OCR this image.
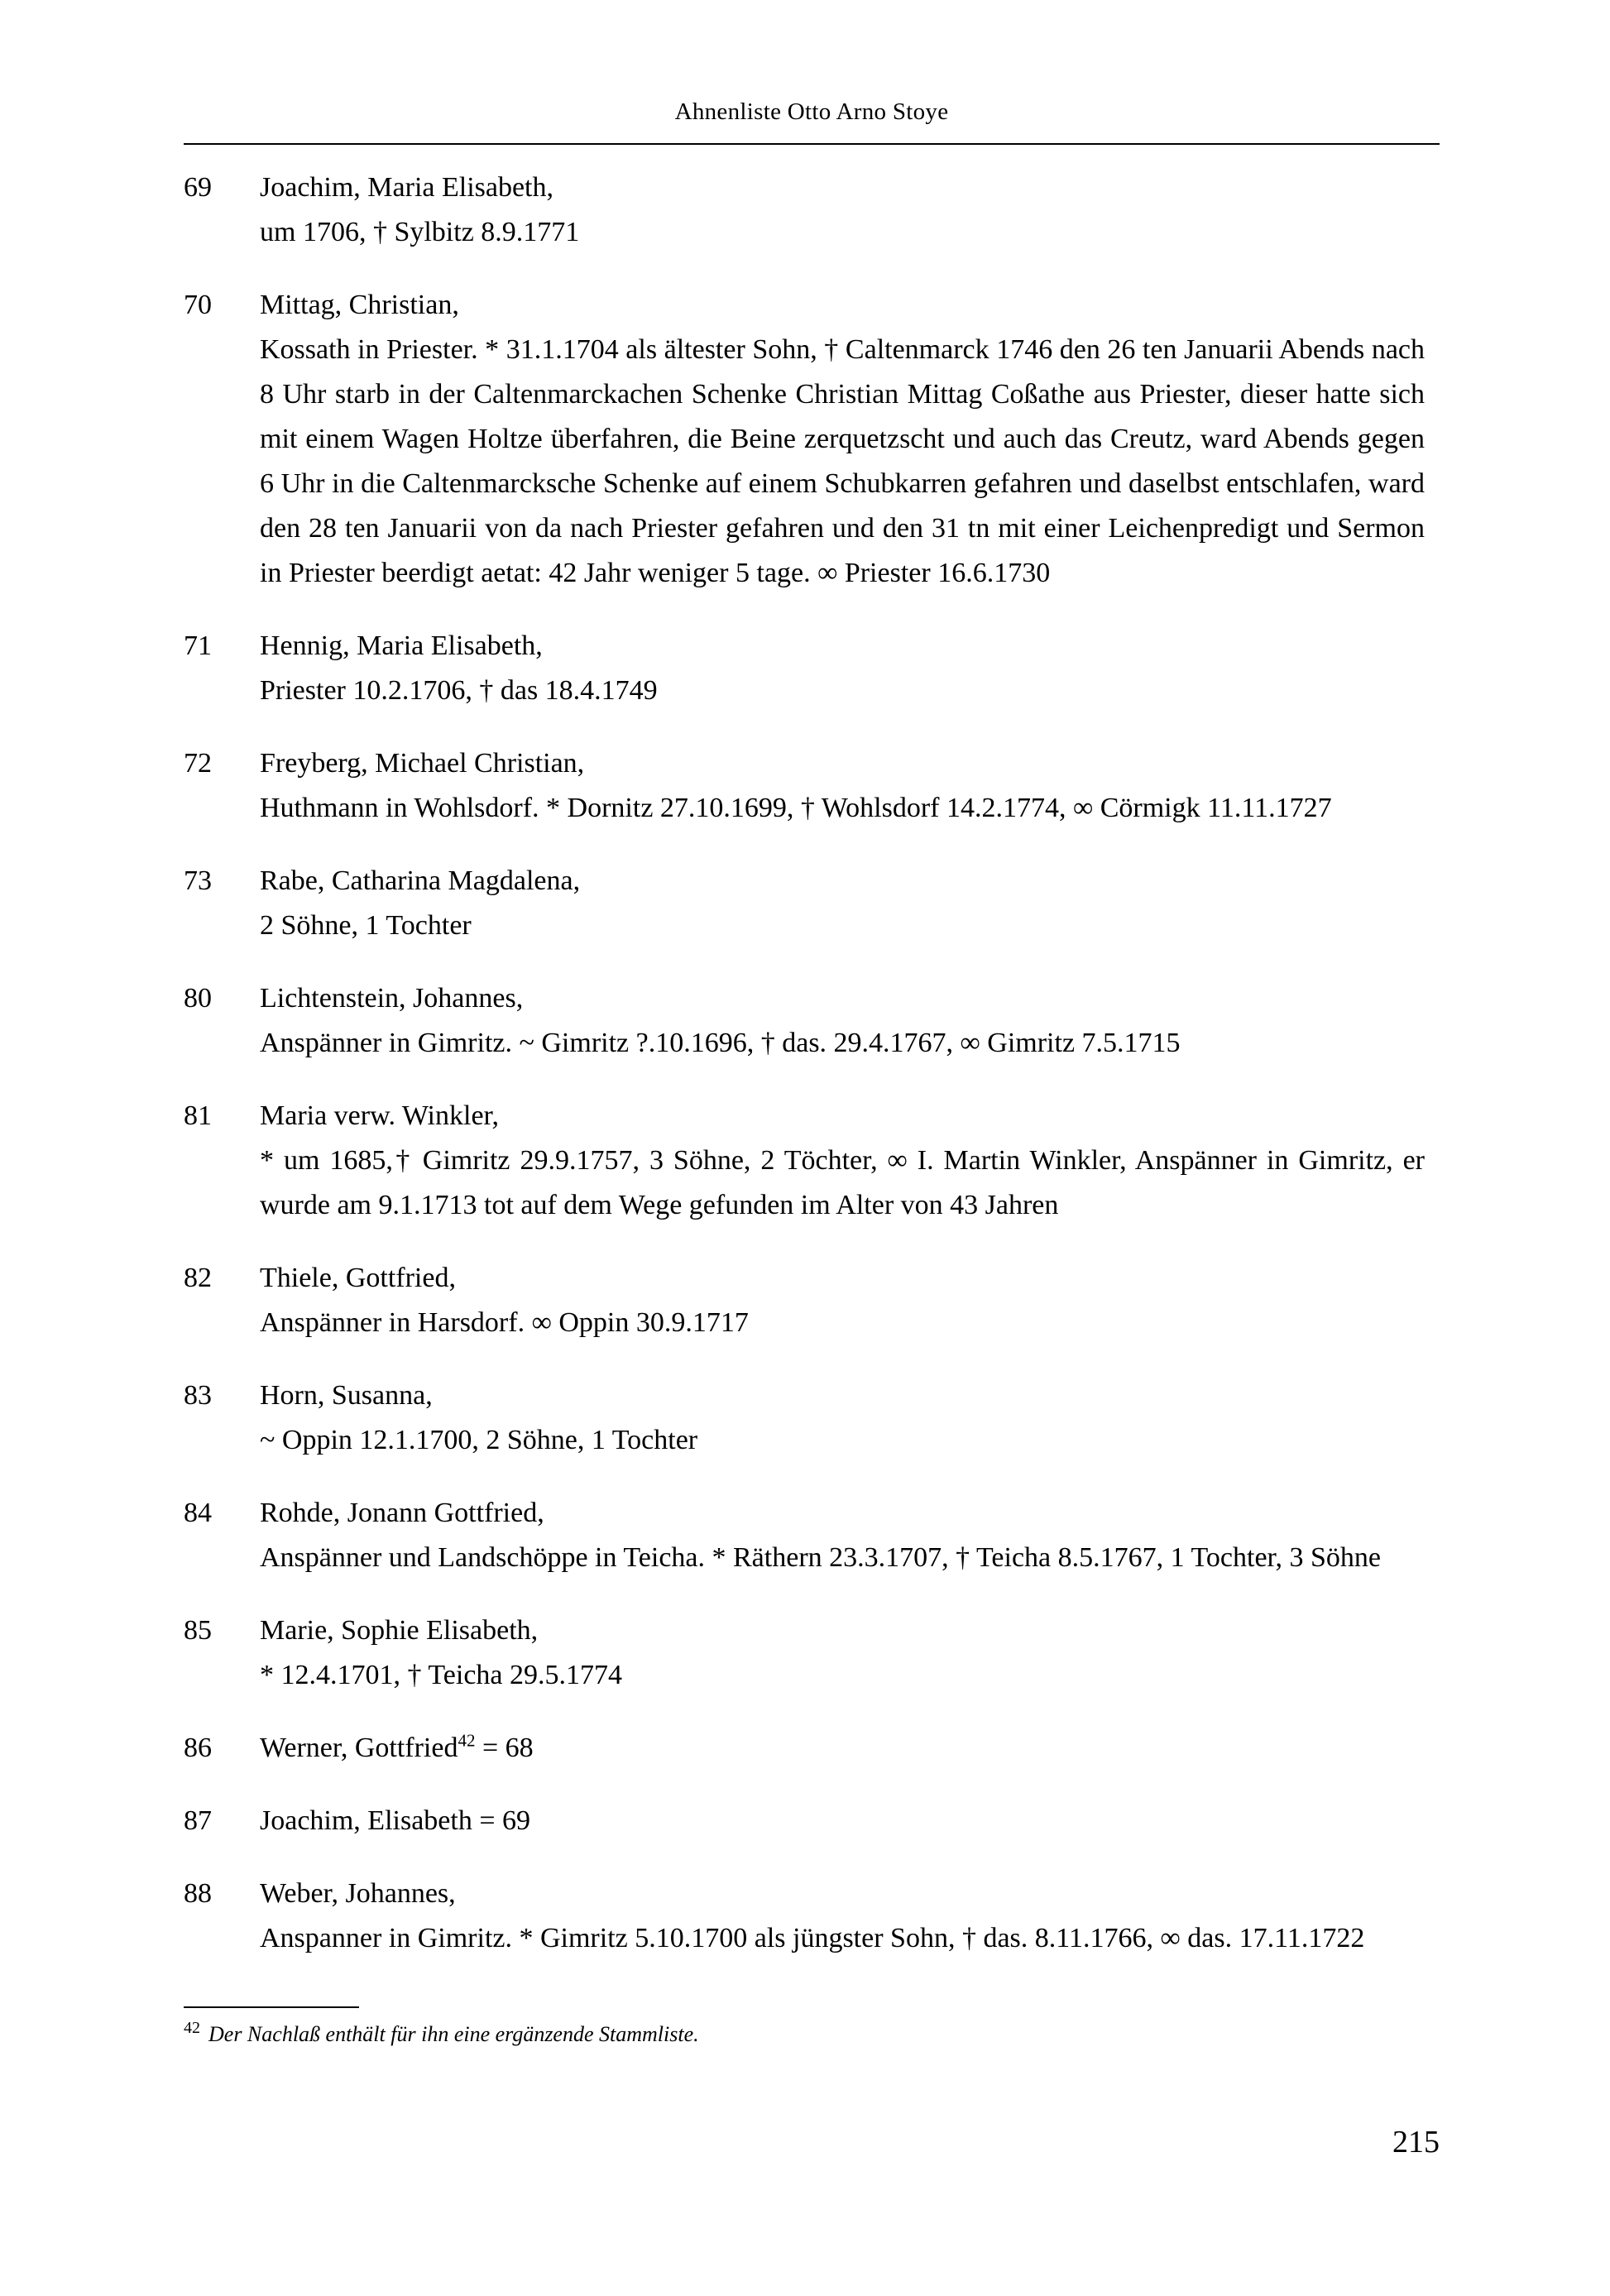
Ahnenliste Otto Arno Stoye
69	Joachim, Maria Elisabeth,
um 1706, † Sylbitz 8.9.1771
70	Mittag, Christian,
Kossath in Priester. * 31.1.1704 als ältester Sohn, † Caltenmarck 1746 den 26 ten Januarii Abends nach 8 Uhr starb in der Caltenmarckachen Schenke Christian Mittag Coßathe aus Priester, dieser hatte sich mit einem Wagen Holtze überfahren, die Beine zerquetzscht und auch das Creutz, ward Abends gegen 6 Uhr in die Caltenmarcksche Schenke auf einem Schubkarren gefahren und daselbst entschlafen, ward den 28 ten Januarii von da nach Priester gefahren und den 31 tn mit einer Leichenpredigt und Sermon in Priester beerdigt aetat: 42 Jahr weniger 5 tage. ∞ Priester 16.6.1730
71	Hennig, Maria Elisabeth,
Priester 10.2.1706, † das 18.4.1749
72	Freyberg, Michael Christian,
Huthmann in Wohlsdorf. * Dornitz 27.10.1699, † Wohlsdorf 14.2.1774, ∞ Cörmigk 11.11.1727
73	Rabe, Catharina Magdalena,
2 Söhne, 1 Tochter
80	Lichtenstein, Johannes,
Anspänner in Gimritz. ~ Gimritz ?.10.1696, † das. 29.4.1767, ∞ Gimritz 7.5.1715
81	Maria verw. Winkler,
* um 1685,† Gimritz 29.9.1757, 3 Söhne, 2 Töchter, ∞ I. Martin Winkler, Anspänner in Gimritz, er wurde am 9.1.1713 tot auf dem Wege gefunden im Alter von 43 Jahren
82	Thiele, Gottfried,
Anspänner in Harsdorf. ∞ Oppin 30.9.1717
83	Horn, Susanna,
~ Oppin 12.1.1700, 2 Söhne, 1 Tochter
84	Rohde, Jonann Gottfried,
Anspänner und Landschöppe in Teicha. * Räthern 23.3.1707, † Teicha 8.5.1767, 1 Tochter, 3 Söhne
85	Marie, Sophie Elisabeth,
* 12.4.1701, † Teicha 29.5.1774
86	Werner, Gottfried$^{42}$ = 68
87	Joachim, Elisabeth = 69
88	Weber, Johannes,
Anspanner in Gimritz. * Gimritz 5.10.1700 als jüngster Sohn, † das. 8.11.1766, ∞ das. 17.11.1722
$^{42}$ Der Nachlaß enthält für ihn eine ergänzende Stammliste.
215
